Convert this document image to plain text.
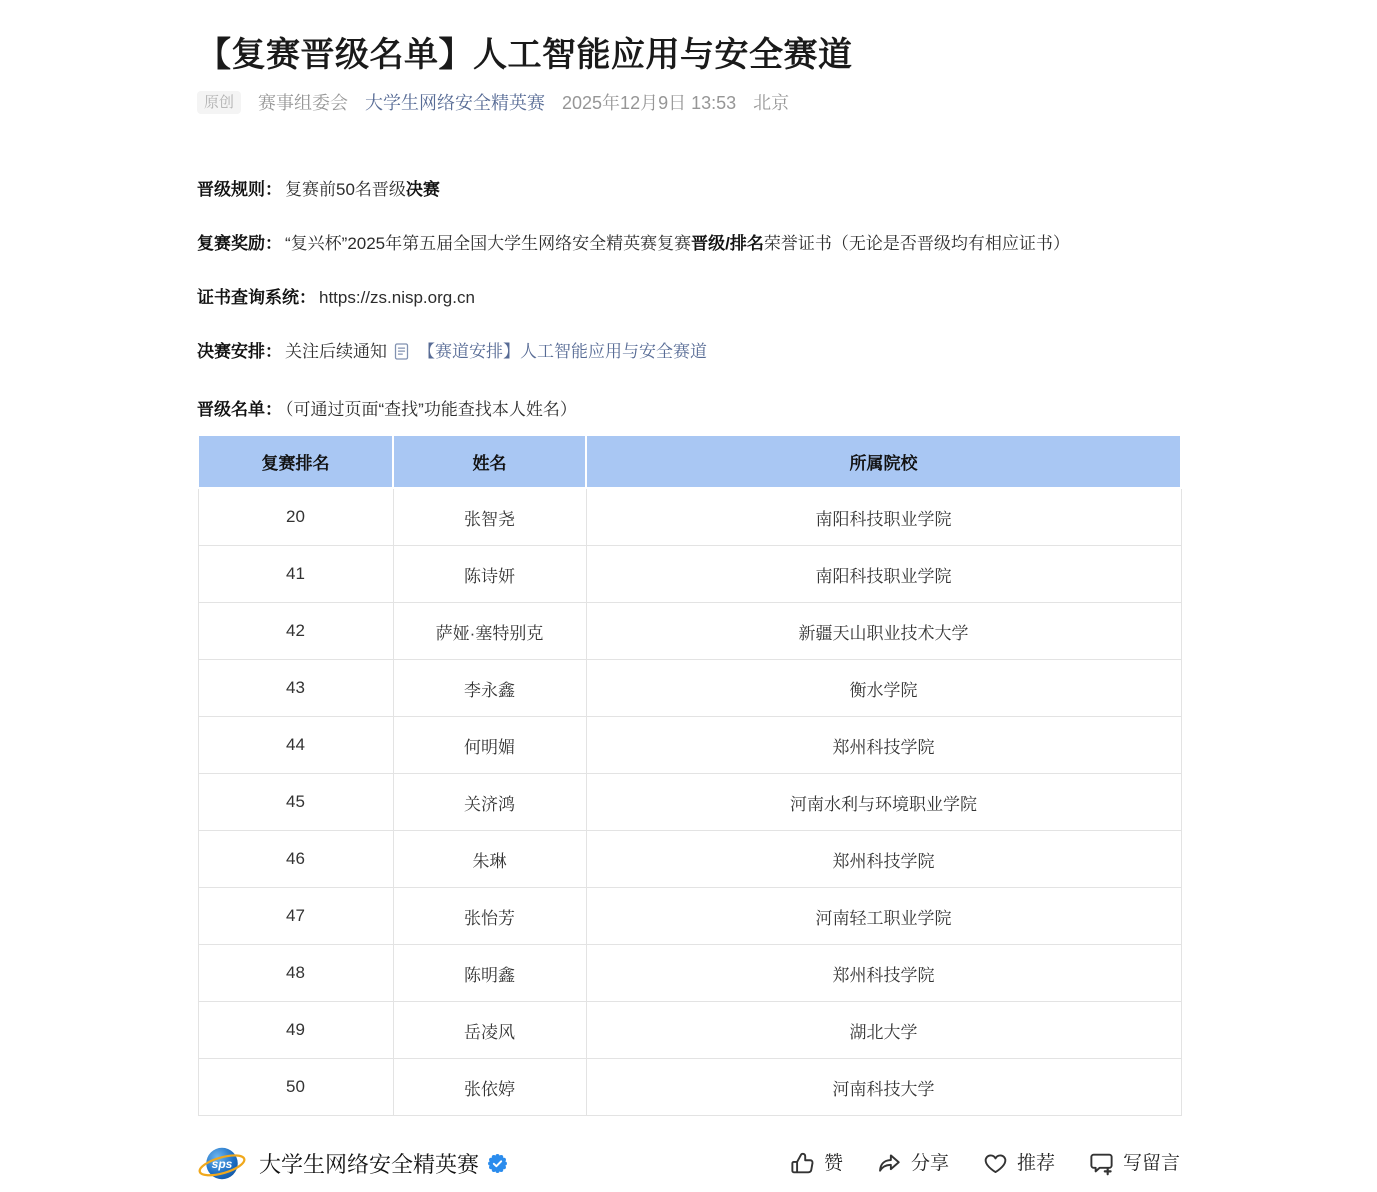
【复赛晋级名单】人工智能应用与安全赛道
原创	赛事组委会 大学生网络安全精英赛 2025年12月9日 13:53 北京

晋级规则： 复赛前50名晋级决赛

复赛奖励： “复兴杯”2025年第五届全国大学生网络安全精英赛复赛晋级/排名荣誉证书（无论是否晋级均有相应证书）

证书查询系统： https://zs.nisp.org.cn

决赛安排： 关注后续通知 【赛道安排】人工智能应用与安全赛道

晋级名单： （可通过页面“查找”功能查找本人姓名）

复赛排名	姓名	所属院校
20	张智尧	南阳科技职业学院
41	陈诗妍	南阳科技职业学院
42	萨娅·塞特别克	新疆天山职业技术大学
43	李永鑫	衡水学院
44	何明媚	郑州科技学院
45	关济鸿	河南水利与环境职业学院
46	朱琳	郑州科技学院
47	张怡芳	河南轻工职业学院
48	陈明鑫	郑州科技学院
49	岳凌风	湖北大学
50	张依婷	河南科技大学
sps 大学生网络安全精英赛	赞	分享	推荐	写留言
